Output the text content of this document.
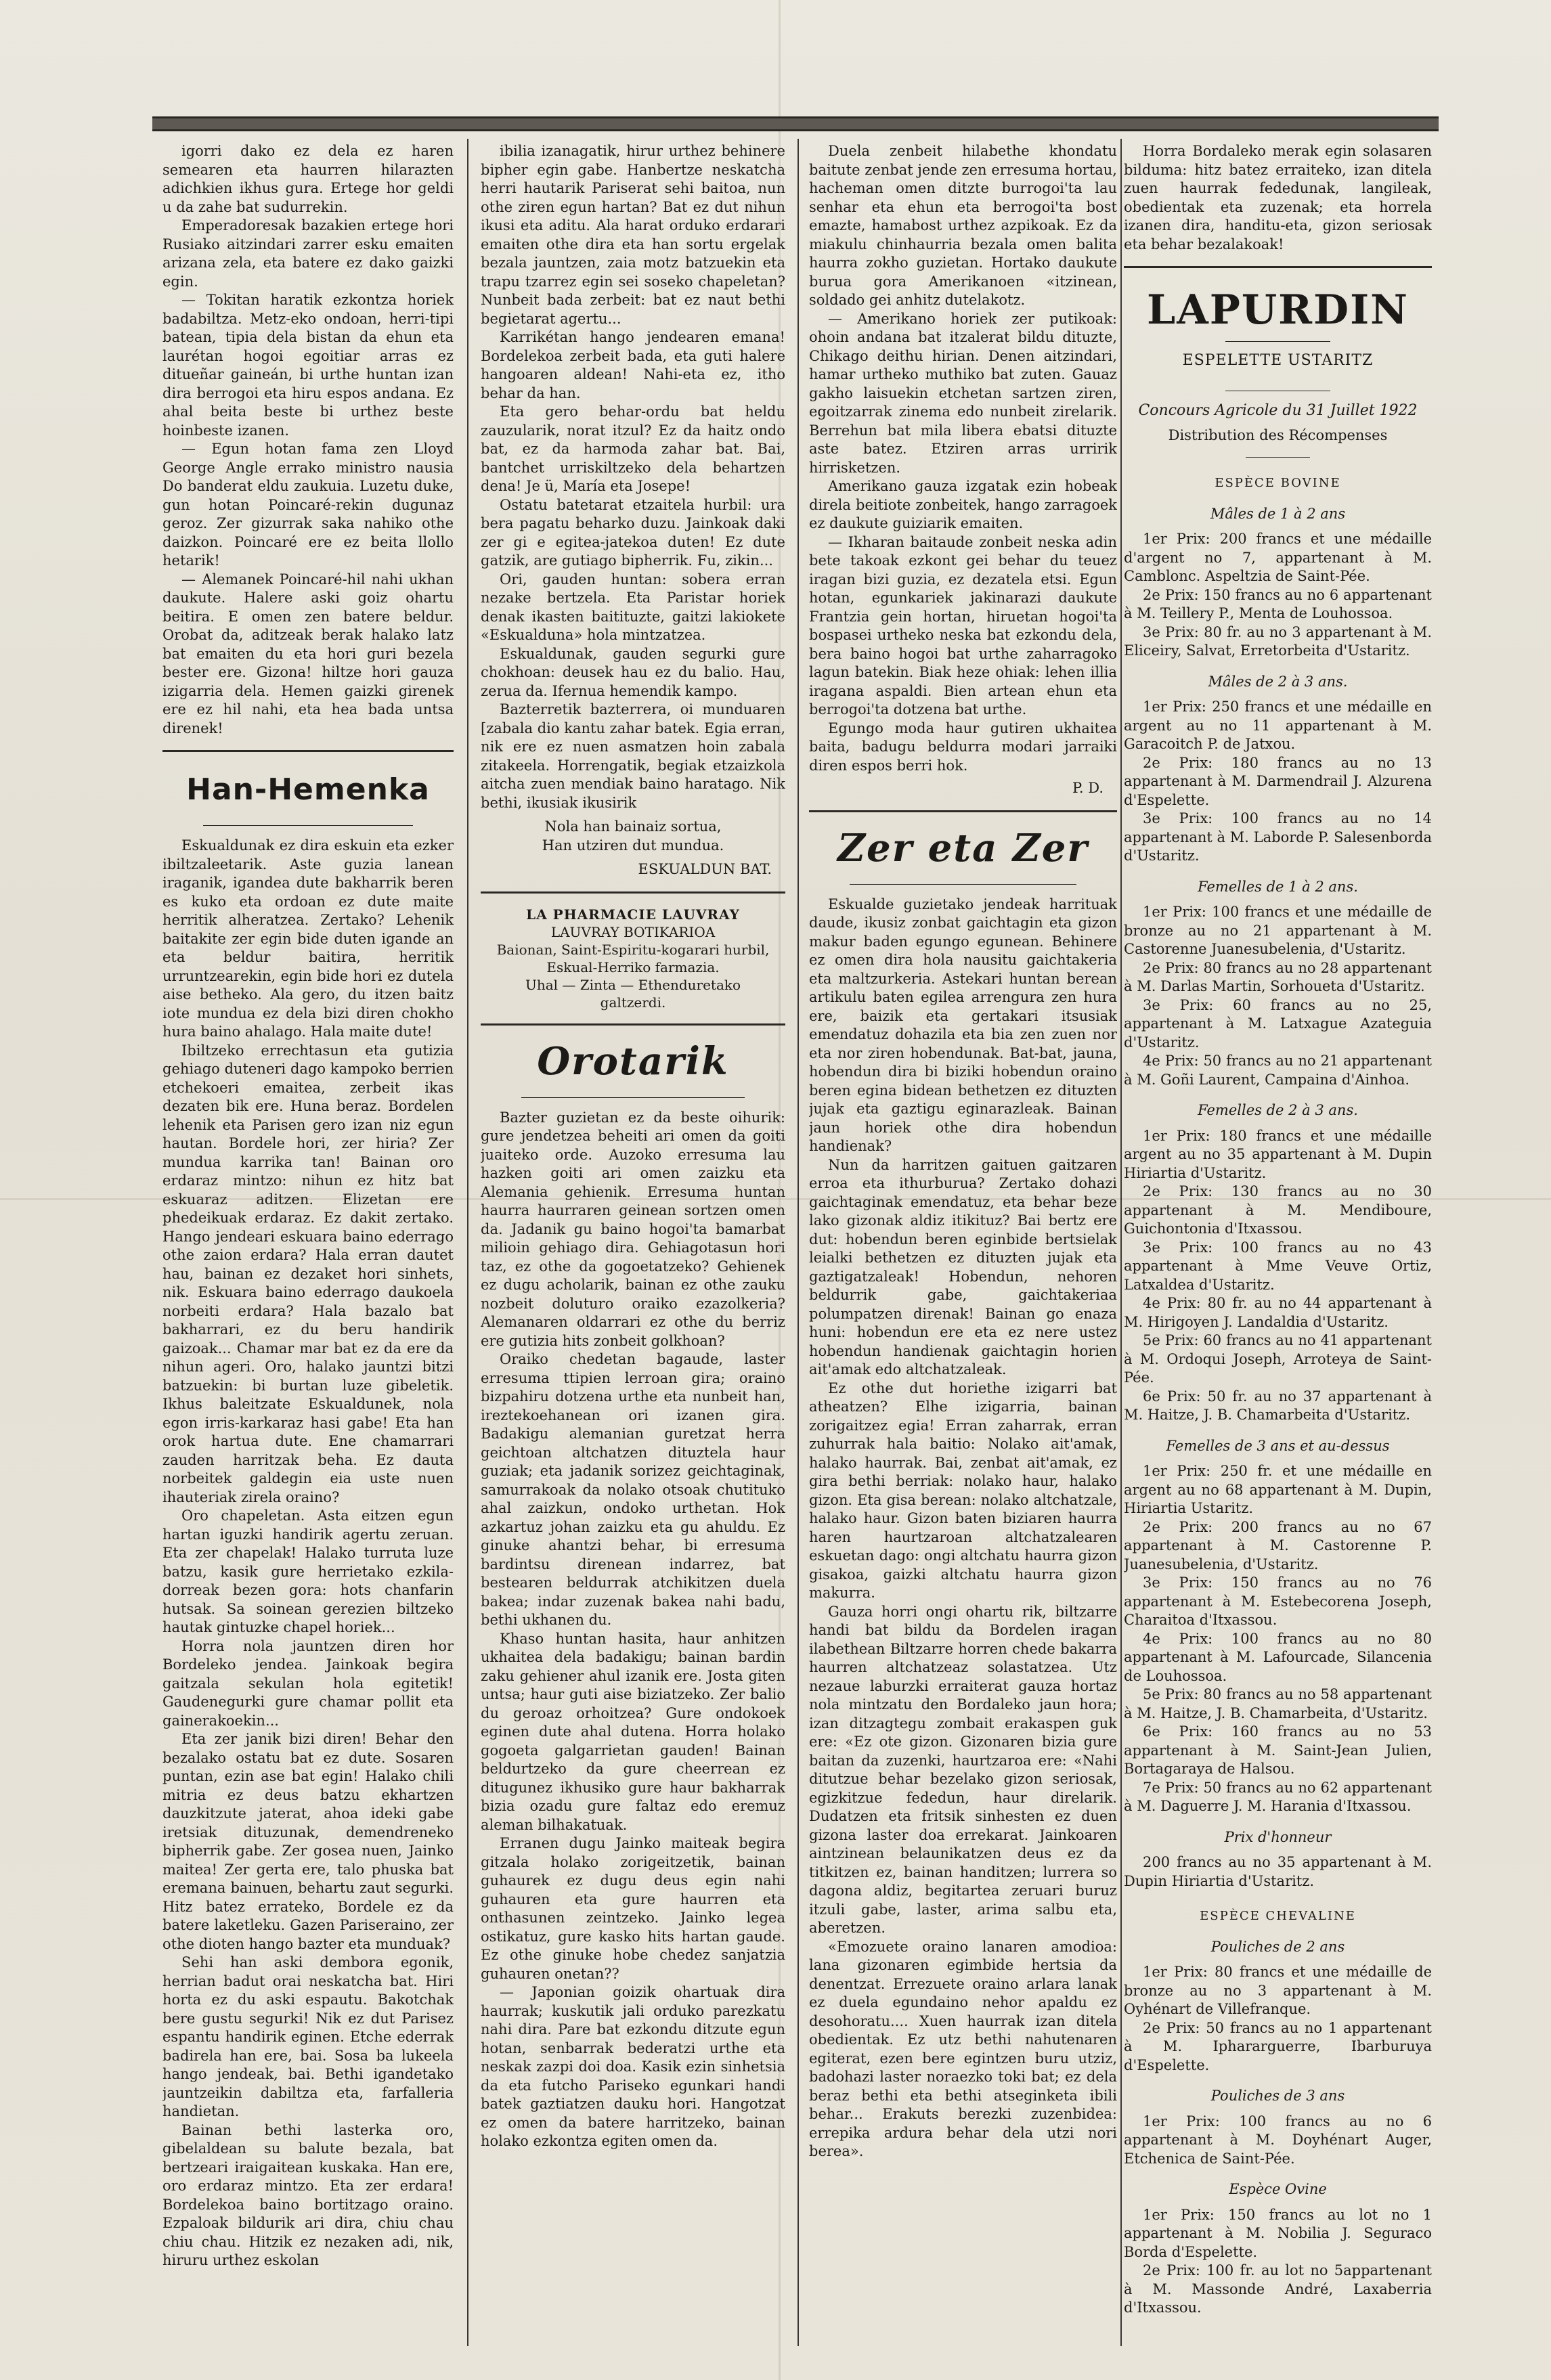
igorri dako ez dela ez haren semearen eta haurren hilarazten adichkien ikhus gura. Ertege hor geldi u da zahe bat sudurrekin.

Emperadoresak bazakien ertege hori Rusiako aitzindari zarrer esku emaiten arizana zela, eta batere ez dako gaizki egin.

— Tokitan haratik ezkontza horiek badabiltza. Metz-eko ondoan, herri-tipi batean, tipia dela bistan da ehun eta laurétan hogoi egoitiar arras ez ditueñar gaineán, bi urthe huntan izan dira berrogoi eta hiru espos andana. Ez ahal beita beste bi urthez beste hoinbeste izanen.

— Egun hotan fama zen Lloyd George Angle errako ministro nausia Do banderat eldu zaukuia. Luzetu duke, gun hotan Poincaré-rekin dugunaz geroz. Zer gizurrak saka nahiko othe daizkon. Poincaré ere ez beita llollo hetarik!

— Alemanek Poincaré-hil nahi ukhan daukute. Halere aski goiz ohartu beitira. E omen zen batere beldur. Orobat da, aditzeak berak halako latz bat emaiten du eta hori guri bezela bester ere. Gizona! hiltze hori gauza izigarria dela. Hemen gaizki girenek ere ez hil nahi, eta hea bada untsa direnek!

Han-Hemenka

Eskualdunak ez dira eskuin eta ezker ibiltzaleetarik. Aste guzia lanean iraganik, igandea dute bakharrik beren es kuko eta ordoan ez dute maite herritik alheratzea. Zertako? Lehenik baitakite zer egin bide duten igande an eta beldur baitira, herritik urruntzearekin, egin bide hori ez dutela aise betheko. Ala gero, du itzen baitz iote mundua ez dela bizi diren chokho hura baino ahalago. Hala maite dute!

Ibiltzeko errechtasun eta gutizia gehiago duteneri dago kampoko berrien etchekoeri emaitea, zerbeit ikas dezaten bik ere. Huna beraz. Bordelen lehenik eta Parisen gero izan niz egun hautan. Bordele hori, zer hiria? Zer mundua karrika tan! Bainan oro erdaraz mintzo: nihun ez hitz bat eskuaraz aditzen. Elizetan ere phedeikuak erdaraz. Ez dakit zertako. Hango jendeari eskuara baino ederrago othe zaion erdara? Hala erran dautet hau, bainan ez dezaket hori sinhets, nik. Eskuara baino ederrago daukoela norbeiti erdara? Hala bazalo bat bakharrari, ez du beru handirik gaizoak... Chamar mar bat ez da ere da nihun ageri. Oro, halako jauntzi bitzi batzuekin: bi burtan luze gibeletik. Ikhus baleitzate Eskualdunek, nola egon irris-karkaraz hasi gabe! Eta han orok hartua dute. Ene chamarrari zauden harritzak beha. Ez dauta norbeitek galdegin eia uste nuen ihauteriak zirela oraino?

Oro chapeletan. Asta eitzen egun hartan iguzki handirik agertu zeruan. Eta zer chapelak! Halako turruta luze batzu, kasik gure herrietako ezkila-dorreak bezen gora: hots chanfarin hutsak. Sa soinean gerezien biltzeko hautak gintuzke chapel horiek...

Horra nola jauntzen diren hor Bordeleko jendea. Jainkoak begira gaitzala sekulan hola egitetik! Gaudenegurki gure chamar pollit eta gainerakoekin...

Eta zer janik bizi diren! Behar den bezalako ostatu bat ez dute. Sosaren puntan, ezin ase bat egin! Halako chili mitria ez deus batzu ekhartzen dauzkitzute jaterat, ahoa ideki gabe iretsiak dituzunak, demendreneko bipherrik gabe. Zer gosea nuen, Jainko maitea! Zer gerta ere, talo phuska bat eremana bainuen, behartu zaut segurki. Hitz batez errateko, Bordele ez da batere laketleku. Gazen Pariseraino, zer othe dioten hango bazter eta munduak?

Sehi han aski dembora egonik, herrian badut orai neskatcha bat. Hiri horta ez du aski espautu. Bakotchak bere gustu segurki! Nik ez dut Parisez espantu handirik eginen. Etche ederrak badirela han ere, bai. Sosa ba lukeela hango jendeak, bai. Bethi igandetako jauntzeikin dabiltza eta, farfalleria handietan.

Bainan bethi lasterka oro, gibelaldean su balute bezala, bat bertzeari iraigaitean kuskaka. Han ere, oro erdaraz mintzo. Eta zer erdara! Bordelekoa baino bortitzago oraino. Ezpaloak bildurik ari dira, chiu chau chiu chau. Hitzik ez nezaken adi, nik, hiruru urthez eskolan

ibilia izanagatik, hirur urthez behinere bipher egin gabe. Hanbertze neskatcha herri hautarik Pariserat sehi baitoa, nun othe ziren egun hartan? Bat ez dut nihun ikusi eta aditu. Ala harat orduko erdarari emaiten othe dira eta han sortu ergelak bezala jauntzen, zaia motz batzuekin eta trapu tzarrez egin sei soseko chapeletan? Nunbeit bada zerbeit: bat ez naut bethi begietarat agertu...

Karrikétan hango jendearen emana! Bordelekoa zerbeit bada, eta guti halere hangoaren aldean! Nahi-eta ez, itho behar da han.

Eta gero behar-ordu bat heldu zauzularik, norat itzul? Ez da haitz ondo bat, ez da harmoda zahar bat. Bai, bantchet urriskiltzeko dela behartzen dena! Je ü, María eta Josepe!

Ostatu batetarat etzaitela hurbil: ura bera pagatu beharko duzu. Jainkoak daki zer gi e egitea-jatekoa duten! Ez dute gatzik, are gutiago bipherrik. Fu, zikin...

Ori, gauden huntan: sobera erran nezake bertzela. Eta Paristar horiek denak ikasten baitituzte, gaitzi lakiokete «Eskualduna» hola mintzatzea.

Eskualdunak, gauden segurki gure chokhoan: deusek hau ez du balio. Hau, zerua da. Ifernua hemendik kampo.

Bazterretik bazterrera, oi munduaren [zabala dio kantu zahar batek. Egia erran, nik ere ez nuen asmatzen hoin zabala zitakeela. Horrengatik, begiak etzaizkola aitcha zuen mendiak baino haratago. Nik bethi, ikusiak ikusirik

Nola han bainaiz sortua,
Han utziren dut mundua.
ESKUALDUN BAT.
LA PHARMACIE LAUVRAY
LAUVRAY BOTIKARIOA
Baionan, Saint-Espiritu-kogarari hurbil,
Eskual-Herriko farmazia.
Uhal — Zinta — Ethenduretako
galtzerdi.
Orotarik

Bazter guzietan ez da beste oihurik: gure jendetzea beheiti ari omen da goiti juaiteko orde. Auzoko erresuma lau hazken goiti ari omen zaizku eta Alemania gehienik. Erresuma huntan haurra haurraren geinean sortzen omen da. Jadanik gu baino hogoi'ta bamarbat milioin gehiago dira. Gehiagotasun hori taz, ez othe da gogoetatzeko? Gehienek ez dugu acholarik, bainan ez othe zauku nozbeit doluturo oraiko ezazolkeria? Alemanaren oldarrari ez othe du berriz ere gutizia hits zonbeit golkhoan?

Oraiko chedetan bagaude, laster erresuma ttipien lerroan gira; oraino bizpahiru dotzena urthe eta nunbeit han, ireztekoehanean ori izanen gira. Badakigu alemanian guretzat herra geichtoan altchatzen dituztela haur guziak; eta jadanik sorizez geichtaginak, samurrakoak da nolako otsoak chutituko ahal zaizkun, ondoko urthetan. Hok azkartuz johan zaizku eta gu ahuldu. Ez ginuke ahantzi behar, bi erresuma bardintsu direnean indarrez, bat bestearen beldurrak atchikitzen duela bakea; indar zuzenak bakea nahi badu, bethi ukhanen du.

Khaso huntan hasita, haur anhitzen ukhaitea dela badakigu; bainan bardin zaku gehiener ahul izanik ere. Josta giten untsa; haur guti aise biziatzeko. Zer balio du geroaz orhoitzea? Gure ondokoek eginen dute ahal dutena. Horra holako gogoeta galgarrietan gauden! Bainan beldurtzeko da gure cheerrean ez ditugunez ikhusiko gure haur bakharrak bizia ozadu gure faltaz edo eremuz aleman bilhakatuak.

Erranen dugu Jainko maiteak begira gitzala holako zorigeitzetik, bainan guhaurek ez dugu deus egin nahi guhauren eta gure haurren eta onthasunen zeintzeko. Jainko legea ostikatuz, gure kasko hits hartan gaude. Ez othe ginuke hobe chedez sanjatzia guhauren onetan??

— Japonian goizik ohartuak dira haurrak; kuskutik jali orduko parezkatu nahi dira. Pare bat ezkondu ditzute egun hotan, senbarrak bederatzi urthe eta neskak zazpi doi doa. Kasik ezin sinhetsia da eta futcho Pariseko egunkari handi batek gaztiatzen dauku hori. Hangotzat ez omen da batere harritzeko, bainan holako ezkontza egiten omen da.

Duela zenbeit hilabethe khondatu baitute zenbat jende zen erresuma hortau, hacheman omen ditzte burrogoi'ta lau senhar eta ehun eta berrogoi'ta bost emazte, hamabost urthez azpikoak. Ez da miakulu chinhaurria bezala omen balita haurra zokho guzietan. Hortako daukute burua gora Amerikanoen «itzinean, soldado gei anhitz dutelakotz.

— Amerikano horiek zer putikoak: ohoin andana bat itzalerat bildu dituzte, Chikago deithu hirian. Denen aitzindari, hamar urtheko muthiko bat zuten. Gauaz gakho laisuekin etchetan sartzen ziren, egoitzarrak zinema edo nunbeit zirelarik. Berrehun bat mila libera ebatsi dituzte aste batez. Etziren arras urririk hirrisketzen.

Amerikano gauza izgatak ezin hobeak direla beitiote zonbeitek, hango zarragoek ez daukute guiziarik emaiten.

— Ikharan baitaude zonbeit neska adin bete takoak ezkont gei behar du teuez iragan bizi guzia, ez dezatela etsi. Egun hotan, egunkariek jakinarazi daukute Frantzia gein hortan, hiruetan hogoi'ta bospasei urtheko neska bat ezkondu dela, bera baino hogoi bat urthe zaharragoko lagun batekin. Biak heze ohiak: lehen illia iragana aspaldi. Bien artean ehun eta berrogoi'ta dotzena bat urthe.

Egungo moda haur gutiren ukhaitea baita, badugu beldurra modari jarraiki diren espos berri hok.

P. D.
Zer eta Zer

Eskualde guzietako jendeak harrituak daude, ikusiz zonbat gaichtagin eta gizon makur baden egungo egunean. Behinere ez omen dira hola nausitu gaichtakeria eta maltzurkeria. Astekari huntan berean artikulu baten egilea arrengura zen hura ere, baizik eta gertakari itsusiak emendatuz dohazila eta bia zen zuen nor eta nor ziren hobendunak. Bat-bat, jauna, hobendun dira bi biziki hobendun oraino beren egina bidean bethetzen ez dituzten jujak eta gaztigu eginarazleak. Bainan jaun horiek othe dira hobendun handienak?

Nun da harritzen gaituen gaitzaren erroa eta ithurburua? Zertako dohazi gaichtaginak emendatuz, eta behar beze lako gizonak aldiz itikituz? Bai bertz ere dut: hobendun beren eginbide bertsielak leialki bethetzen ez dituzten jujak eta gaztigatzaleak! Hobendun, nehoren beldurrik gabe, gaichtakeriaa polumpatzen direnak! Bainan go enaza huni: hobendun ere eta ez nere ustez hobendun handienak gaichtagin horien ait'amak edo altchatzaleak.

Ez othe dut horiethe izigarri bat atheatzen? Elhe izigarria, bainan zorigaitzez egia! Erran zaharrak, erran zuhurrak hala baitio: Nolako ait'amak, halako haurrak. Bai, zenbat ait'amak, ez gira bethi berriak: nolako haur, halako gizon. Eta gisa berean: nolako altchatzale, halako haur. Gizon baten biziaren haurra haren haurtzaroan altchatzalearen eskuetan dago: ongi altchatu haurra gizon gisakoa, gaizki altchatu haurra gizon makurra.

Gauza horri ongi ohartu rik, biltzarre handi bat bildu da Bordelen iragan ilabethean Biltzarre horren chede bakarra haurren altchatzeaz solastatzea. Utz nezaue laburzki erraiterat gauza hortaz nola mintzatu den Bordaleko jaun hora; izan ditzagtegu zombait erakaspen guk ere: «Ez ote gizon. Gizonaren bizia gure baitan da zuzenki, haurtzaroa ere: «Nahi ditutzue behar bezelako gizon seriosak, egizkitzue fededun, haur direlarik. Dudatzen eta fritsik sinhesten ez duen gizona laster doa errekarat. Jainkoaren aintzinean belaunikatzen deus ez da titkitzen ez, bainan handitzen; lurrera so dagona aldiz, begitartea zeruari buruz itzuli gabe, laster, arima salbu eta, aberetzen.

«Emozuete oraino lanaren amodioa: lana gizonaren egimbide hertsia da denentzat. Errezuete oraino arlara lanak ez duela egundaino nehor apaldu ez desohoratu.... Xuen haurrak izan ditela obedientak. Ez utz bethi nahutenaren egiterat, ezen bere egintzen buru utziz, badohazi laster noraezko toki bat; ez dela beraz bethi eta bethi atseginketa ibili behar... Erakuts berezki zuzenbidea: errepika ardura behar dela utzi nori berea».

Horra Bordaleko merak egin solasaren bilduma: hitz batez erraiteko, izan ditela zuen haurrak fededunak, langileak, obedientak eta zuzenak; eta horrela izanen dira, handitu-eta, gizon seriosak eta behar bezalakoak!

LAPURDIN
ESPELETTE USTARITZ
Concours Agricole du 31 Juillet 1922
Distribution des Récompenses
ESPÈCE BOVINE
Mâles de 1 à 2 ans

1er Prix: 200 francs et une médaille d'argent no 7, appartenant à M. Camblonc. Aspeltzia de Saint-Pée.

2e Prix: 150 francs au no 6 appartenant à M. Teillery P., Menta de Louhossoa.

3e Prix: 80 fr. au no 3 appartenant à M. Eliceiry, Salvat, Erretorbeita d'Ustaritz.

Mâles de 2 à 3 ans.

1er Prix: 250 francs et une médaille en argent au no 11 appartenant à M. Garacoitch P. de Jatxou.

2e Prix: 180 francs au no 13 appartenant à M. Darmendrail J. Alzurena d'Espelette.

3e Prix: 100 francs au no 14 appartenant à M. Laborde P. Salesenborda d'Ustaritz.

Femelles de 1 à 2 ans.

1er Prix: 100 francs et une médaille de bronze au no 21 appartenant à M. Castorenne Juanesubelenia, d'Ustaritz.

2e Prix: 80 francs au no 28 appartenant à M. Darlas Martin, Sorhoueta d'Ustaritz.

3e Prix: 60 francs au no 25, appartenant à M. Latxague Azateguia d'Ustaritz.

4e Prix: 50 francs au no 21 appartenant à M. Goñi Laurent, Campaina d'Ainhoa.

Femelles de 2 à 3 ans.

1er Prix: 180 francs et une médaille argent au no 35 appartenant à M. Dupin Hiriartia d'Ustaritz.

2e Prix: 130 francs au no 30 appartenant à M. Mendiboure, Guichontonia d'Itxassou.

3e Prix: 100 francs au no 43 appartenant à Mme Veuve Ortiz, Latxaldea d'Ustaritz.

4e Prix: 80 fr. au no 44 appartenant à M. Hirigoyen J. Landaldia d'Ustaritz.

5e Prix: 60 francs au no 41 appartenant à M. Ordoqui Joseph, Arroteya de Saint-Pée.

6e Prix: 50 fr. au no 37 appartenant à M. Haitze, J. B. Chamarbeita d'Ustaritz.

Femelles de 3 ans et au-dessus

1er Prix: 250 fr. et une médaille en argent au no 68 appartenant à M. Dupin, Hiriartia Ustaritz.

2e Prix: 200 francs au no 67 appartenant à M. Castorenne P. Juanesubelenia, d'Ustaritz.

3e Prix: 150 francs au no 76 appartenant à M. Estebecorena Joseph, Charaitoa d'Itxassou.

4e Prix: 100 francs au no 80 appartenant à M. Lafourcade, Silancenia de Louhossoa.

5e Prix: 80 francs au no 58 appartenant à M. Haitze, J. B. Chamarbeita, d'Ustaritz.

6e Prix: 160 francs au no 53 appartenant à M. Saint-Jean Julien, Bortagaraya de Halsou.

7e Prix: 50 francs au no 62 appartenant à M. Daguerre J. M. Harania d'Itxassou.

Prix d'honneur

200 francs au no 35 appartenant à M. Dupin Hiriartia d'Ustaritz.

ESPÈCE CHEVALINE
Pouliches de 2 ans

1er Prix: 80 francs et une médaille de bronze au no 3 appartenant à M. Oyhénart de Villefranque.

2e Prix: 50 francs au no 1 appartenant à M. Iphararguerre, Ibarburuya d'Espelette.

Pouliches de 3 ans

1er Prix: 100 francs au no 6 appartenant à M. Doyhénart Auger, Etchenica de Saint-Pée.

Espèce Ovine

1er Prix: 150 francs au lot no 1 appartenant à M. Nobilia J. Seguraco Borda d'Espelette.

2e Prix: 100 fr. au lot no 5appartenant à M. Massonde André, Laxaberria d'Itxassou.
